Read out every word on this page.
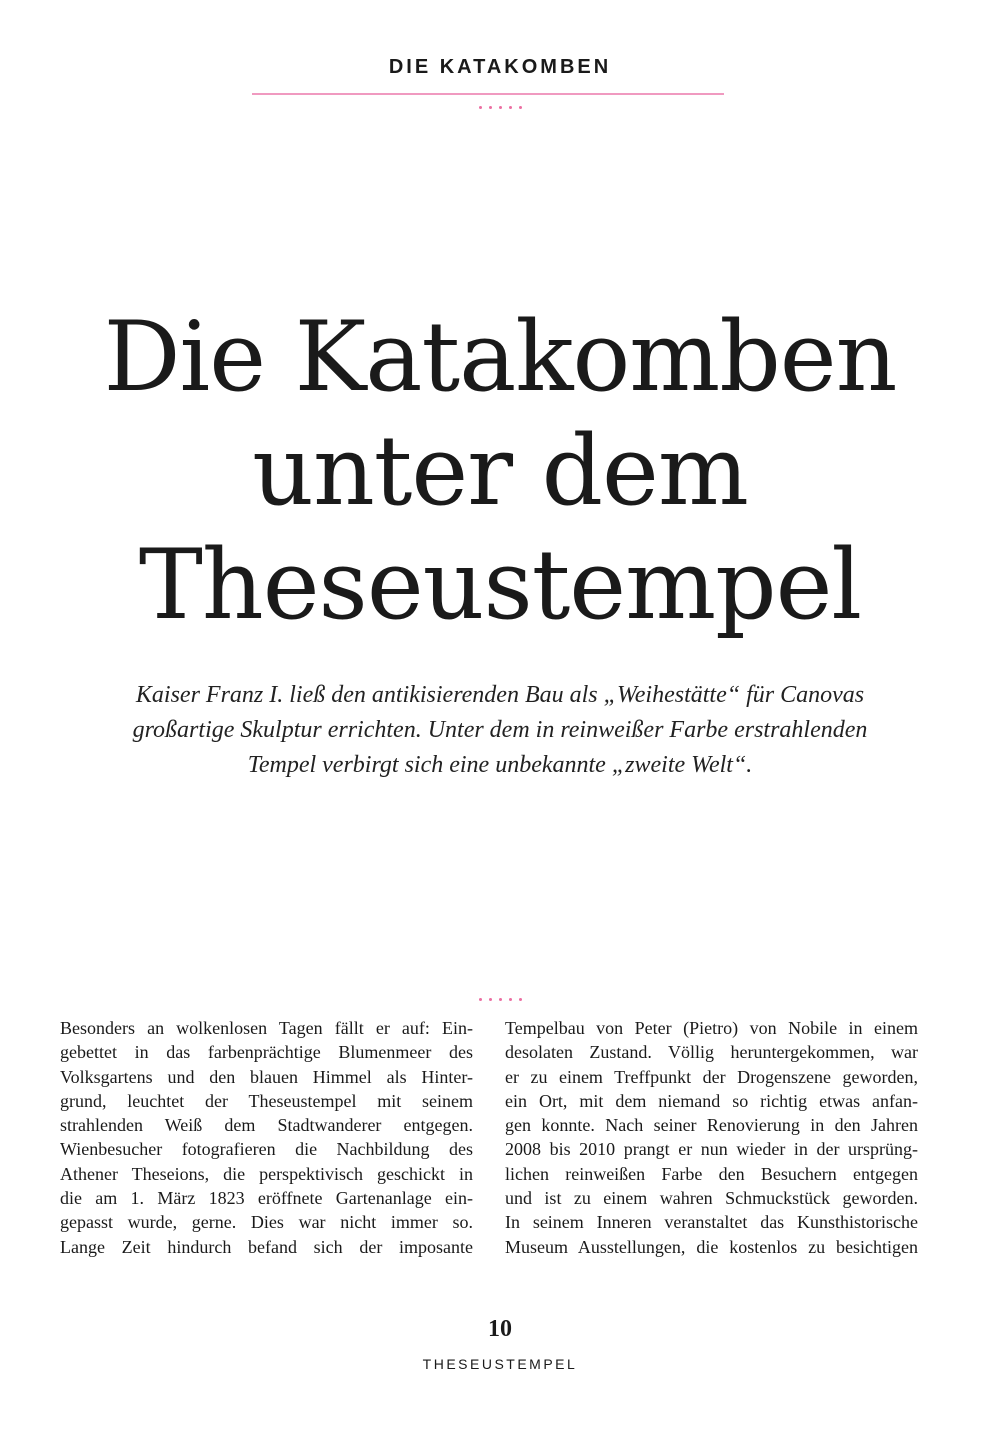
DIE KATAKOMBEN
Die Katakomben
unter dem
Theseustempel
Kaiser Franz I. ließ den antikisierenden Bau als „Weihestätte“ für Canovas
großartige Skulptur errichten. Unter dem in reinweißer Farbe erstrahlenden
Tempel verbirgt sich eine unbekannte „zweite Welt“.
Besonders an wolkenlosen Tagen fällt er auf: Ein-
gebettet in das farbenprächtige Blumenmeer des
Volksgartens und den blauen Himmel als Hinter-
grund, leuchtet der Theseustempel mit seinem
strahlenden Weiß dem Stadtwanderer entgegen.
Wienbesucher fotografieren die Nachbildung des
Athener Theseions, die perspektivisch geschickt in
die am 1. März 1823 eröffnete Gartenanlage ein-
gepasst wurde, gerne. Dies war nicht immer so.
Lange Zeit hindurch befand sich der imposante
Tempelbau von Peter (Pietro) von Nobile in einem
desolaten Zustand. Völlig heruntergekommen, war
er zu einem Treffpunkt der Drogenszene geworden,
ein Ort, mit dem niemand so richtig etwas anfan-
gen konnte. Nach seiner Renovierung in den Jahren
2008 bis 2010 prangt er nun wieder in der ursprüng-
lichen reinweißen Farbe den Besuchern entgegen
und ist zu einem wahren Schmuckstück geworden.
In seinem Inneren veranstaltet das Kunsthistorische
Museum Ausstellungen, die kostenlos zu besichtigen
10
THESEUSTEMPEL
